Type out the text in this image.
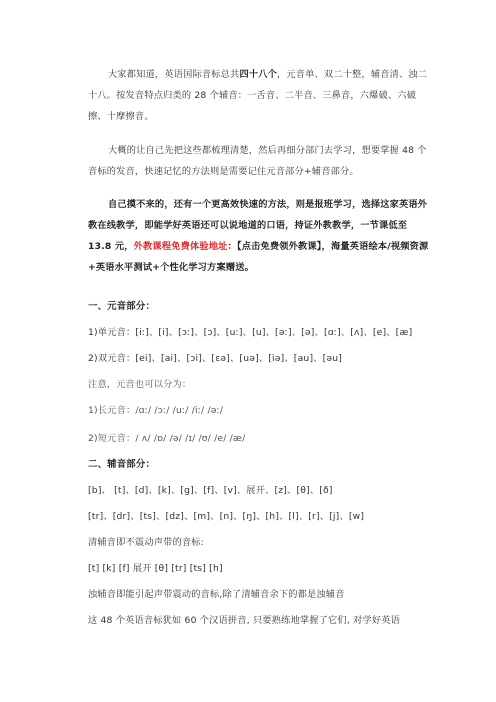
大家都知道，英语国际音标总共四十八个，元音单、双二十整，辅音清、浊二十八。按发音特点归类的 28 个辅音：一舌音、二半音、三鼻音，六爆破、六破擦、十摩擦音。

大概的让自己先把这些都梳理清楚，然后再细分部门去学习，想要掌握 48 个音标的发音，快速记忆的方法则是需要记住元音部分+辅音部分。

自己摸不来的，还有一个更高效快速的方法，则是报班学习，选择这家英语外教在线教学，即能学好英语还可以说地道的口语，持证外教教学，一节课低至 13.8 元，外教课程免费体验地址：【点击免费领外教课】，海量英语绘本/视频资源+英语水平测试+个性化学习方案赠送。

一、元音部分：

1)单元音：[iː]、[i]、[ɔː]、[ɔ]、[uː]、[u]、[əː]、[ə]、[ɑː]、[ʌ]、[e]、[æ]

2)双元音：[ei]、[ai]、[ɔi]、[ɛə]、[uə]、[iə]、[au]、[əu]

注意，元音也可以分为：

1)长元音：/ɑː/ /ɔː/ /uː/ /iː/ /əː/

2)短元音：/ ʌ/ /ɒ/ /ə/ /ɪ/ /ʊ/ /e/ /æ/

二、辅音部分：

[b]、 [t]、[d]、[k]、[g]、[f]、[v]、展开、[z]、[θ]、[ð]

[tr]、[dr]、[ts]、[dz]、[m]、[n]、[ŋ]、[h]、[l]、[r]、[j]、[w]

清辅音即不震动声带的音标:

[t] [k] [f] 展开 [θ] [tr] [ts] [h]

浊辅音即能引起声带震动的音标,除了清辅音余下的都是浊辅音

这 48 个英语音标犹如 60 个汉语拼音, 只要熟练地掌握了它们, 对学好英语
